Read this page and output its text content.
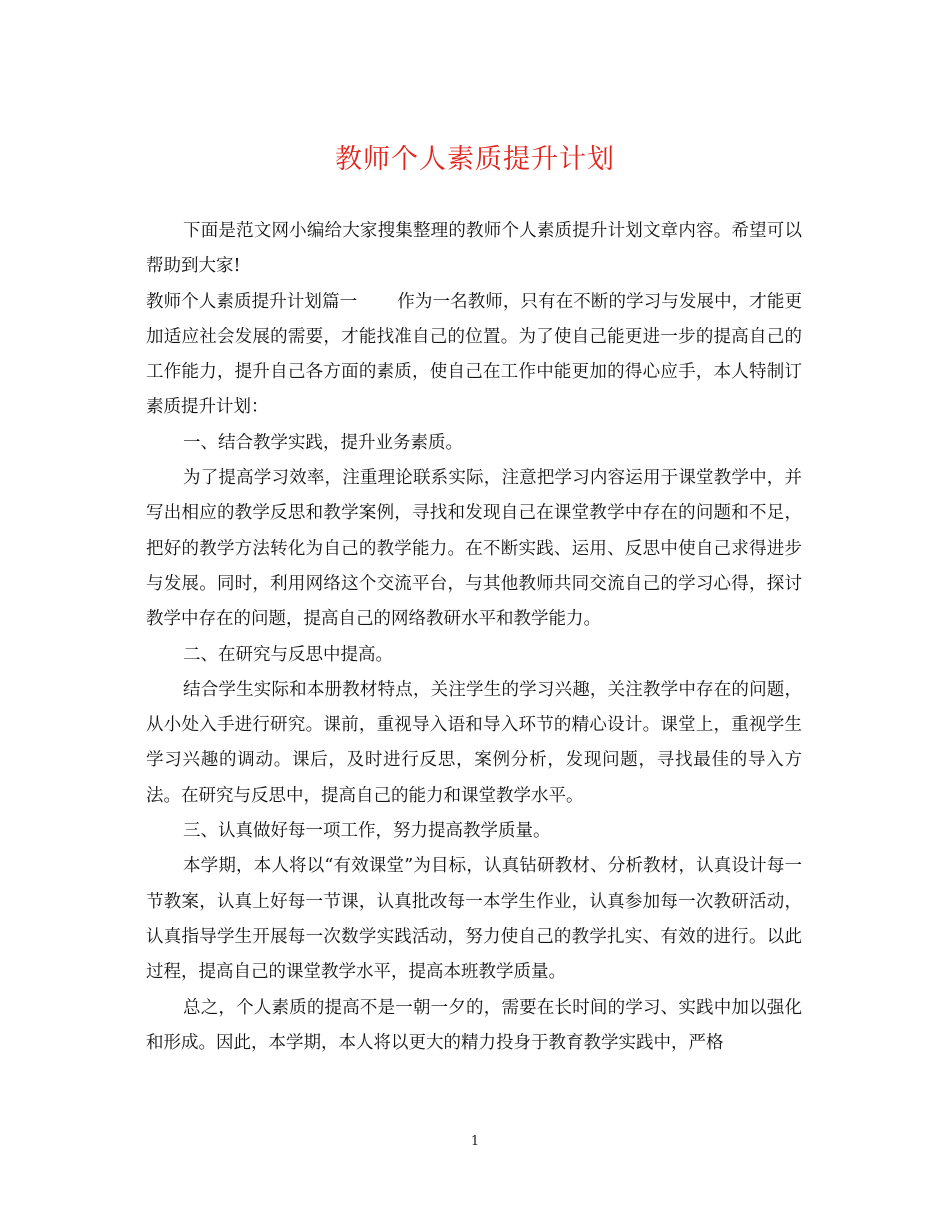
教师个人素质提升计划

下面是范文网小编给大家搜集整理的教师个人素质提升计划文章内容。希望可以帮助到大家!

教师个人素质提升计划篇一 作为一名教师，只有在不断的学习与发展中，才能更加适应社会发展的需要，才能找准自己的位置。为了使自己能更进一步的提高自己的工作能力，提升自己各方面的素质，使自己在工作中能更加的得心应手，本人特制订素质提升计划：

一、结合教学实践，提升业务素质。

为了提高学习效率，注重理论联系实际，注意把学习内容运用于课堂教学中，并写出相应的教学反思和教学案例，寻找和发现自己在课堂教学中存在的问题和不足，把好的教学方法转化为自己的教学能力。在不断实践、运用、反思中使自己求得进步与发展。同时，利用网络这个交流平台，与其他教师共同交流自己的学习心得，探讨教学中存在的问题，提高自己的网络教研水平和教学能力。

二、在研究与反思中提高。

结合学生实际和本册教材特点，关注学生的学习兴趣，关注教学中存在的问题，从小处入手进行研究。课前，重视导入语和导入环节的精心设计。课堂上，重视学生学习兴趣的调动。课后，及时进行反思，案例分析，发现问题，寻找最佳的导入方法。在研究与反思中，提高自己的能力和课堂教学水平。

三、认真做好每一项工作，努力提高教学质量。

本学期，本人将以“有效课堂”为目标，认真钻研教材、分析教材，认真设计每一节教案，认真上好每一节课，认真批改每一本学生作业，认真参加每一次教研活动，认真指导学生开展每一次数学实践活动，努力使自己的教学扎实、有效的进行。以此过程，提高自己的课堂教学水平，提高本班教学质量。

总之，个人素质的提高不是一朝一夕的，需要在长时间的学习、实践中加以强化和形成。因此，本学期，本人将以更大的精力投身于教育教学实践中，严格

1
